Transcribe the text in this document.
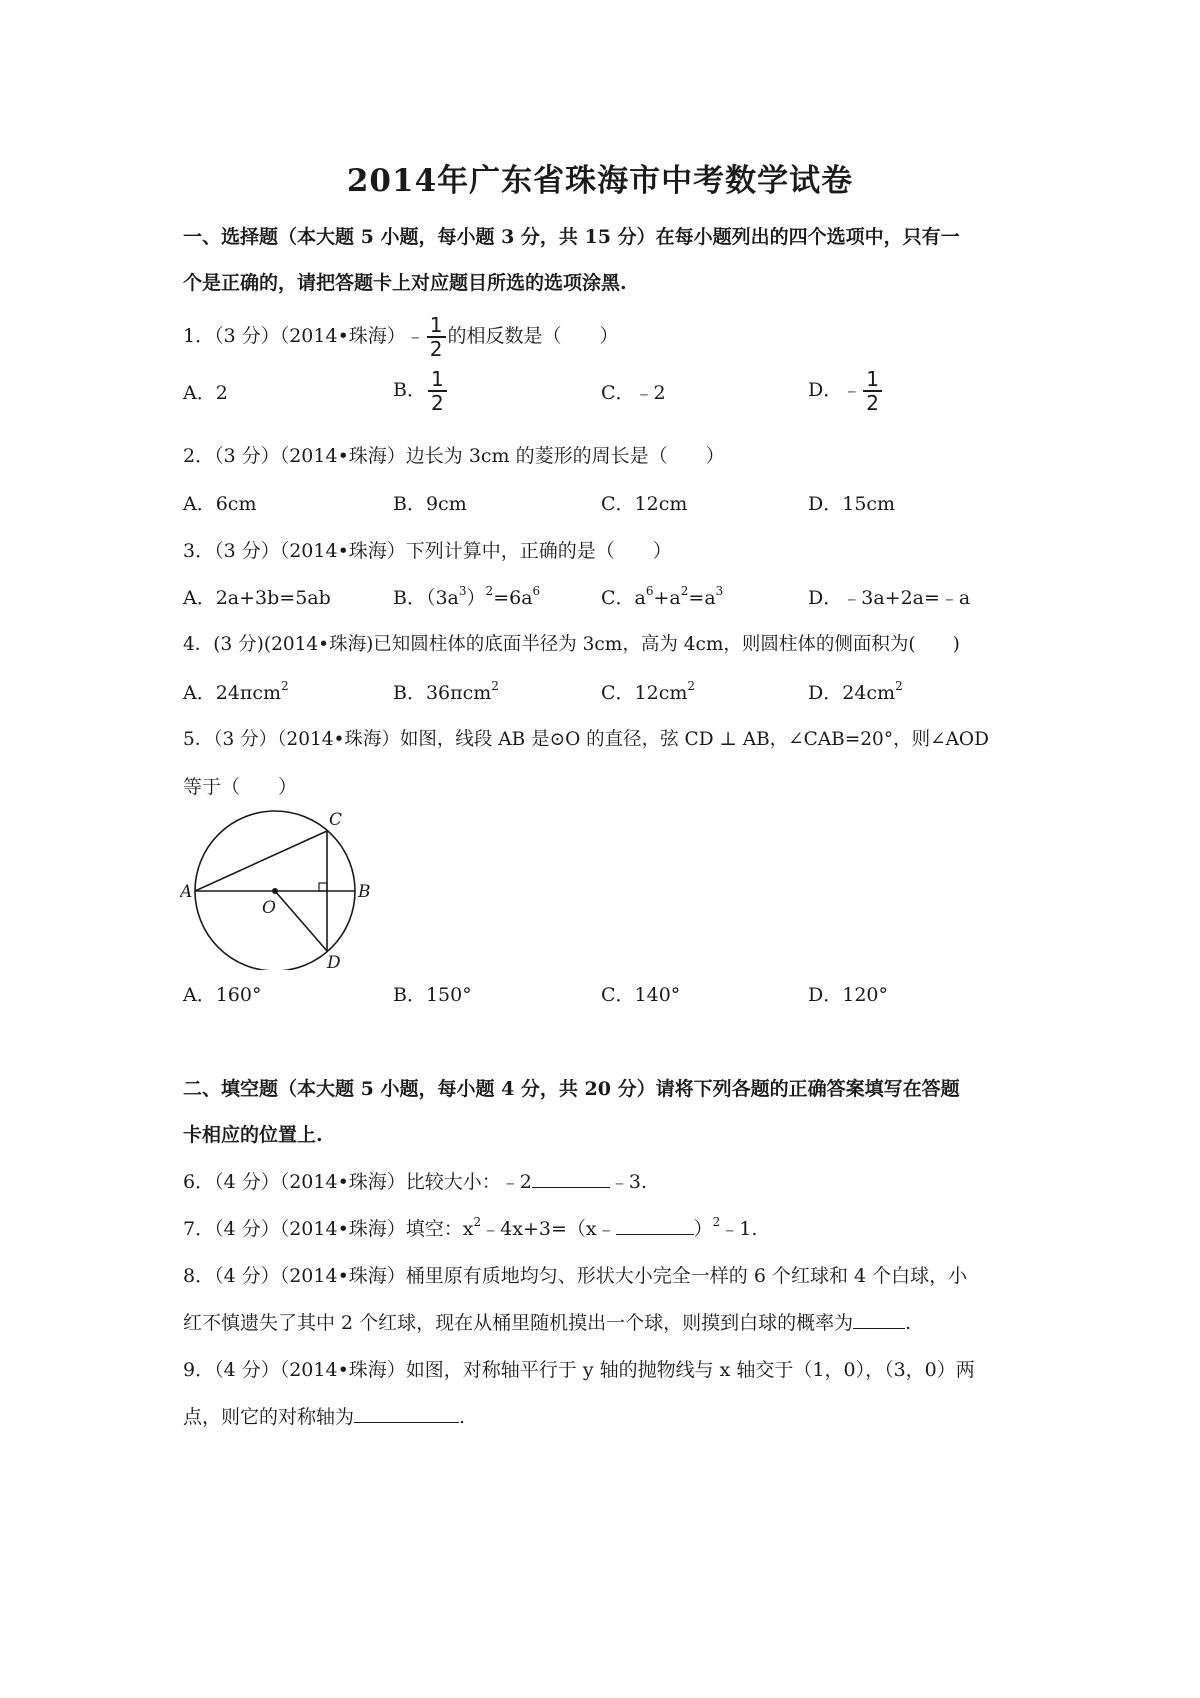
2014年广东省珠海市中考数学试卷
一、选择题（本大题 5 小题，每小题 3 分，共 15 分）在每小题列出的四个选项中，只有一
个是正确的，请把答题卡上对应题目所选的选项涂黑.
1．（3 分）（2014•珠海）﹣ $\frac{1}{2}$ 的相反数是（　　）
A．2	B． $\frac{1}{2}$	C．﹣2	D．﹣ $\frac{1}{2}$
2．（3 分）（2014•珠海）边长为 3cm 的菱形的周长是（　　）
A．6cm	B．9cm	C．12cm	D．15cm
3．（3 分）（2014•珠海）下列计算中，正确的是（　　）
A．2a+3b=5ab	B．$(3a^3)^2=6a^6$	C．$a^6+a^2=a^3$	D．﹣3a+2a=﹣a
4．(3 分)(2014•珠海)已知圆柱体的底面半径为 3cm，高为 4cm，则圆柱体的侧面积为(　　)
A．24πcm$^2$	B．36πcm$^2$	C．$12cm^2$	D．$24cm^2$
5．（3 分）（2014•珠海）如图，线段 AB 是⊙O 的直径，弦 CD ⊥ AB，∠CAB=20°，则∠AOD
等于（　　）
A	B
C
D
O
A．160°	B．150°	C．140°	D．120°
二、填空题（本大题 5 小题，每小题 4 分，共 20 分）请将下列各题的正确答案填写在答题
卡相应的位置上.
6．（4 分）（2014•珠海）比较大小：﹣2	﹣3.
7．（4 分）（2014•珠海）填空：$x^2﹣4x+3=(x﹣$	）$^2$﹣1.
8．（4 分）（2014•珠海）桶里原有质地均匀、形状大小完全一样的 6 个红球和 4 个白球，小
红不慎遗失了其中 2 个红球，现在从桶里随机摸出一个球，则摸到白球的概率为	.
9．（4 分）（2014•珠海）如图，对称轴平行于 y 轴的抛物线与 x 轴交于（1，0），（3，0）两
点，则它的对称轴为	.
